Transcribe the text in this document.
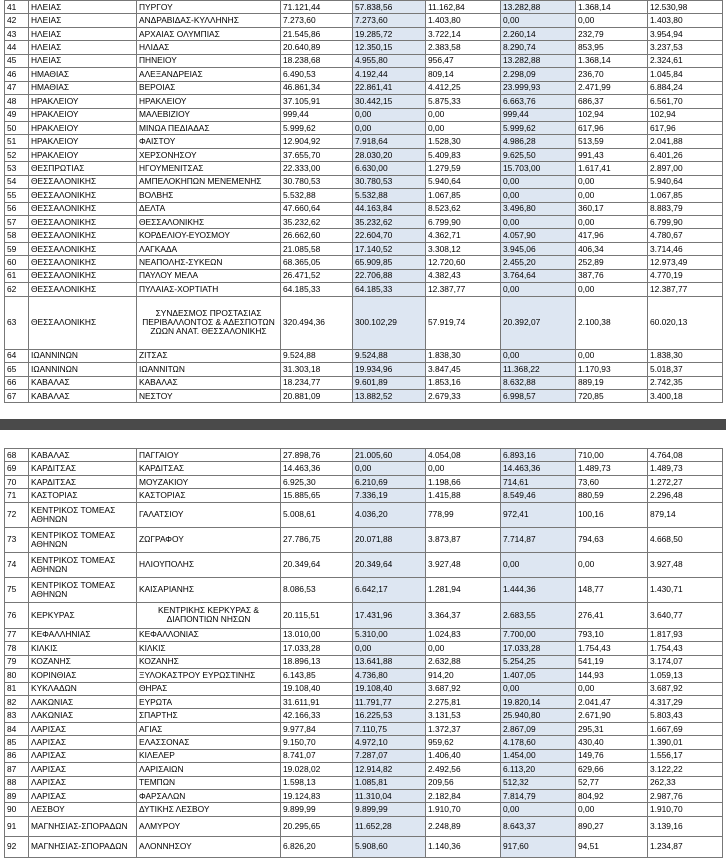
41	ΗΛΕΙΑΣ	ΠΥΡΓΟΥ	71.121,44	57.838,56	11.162,84	13.282,88	1.368,14	12.530,98
42	ΗΛΕΙΑΣ	ΑΝΔΡΑΒΙΔΑΣ-ΚΥΛΛΗΝΗΣ	7.273,60	7.273,60	1.403,80	0,00	0,00	1.403,80
43	ΗΛΕΙΑΣ	ΑΡΧΑΙΑΣ ΟΛΥΜΠΙΑΣ	21.545,86	19.285,72	3.722,14	2.260,14	232,79	3.954,94
44	ΗΛΕΙΑΣ	ΗΛΙΔΑΣ	20.640,89	12.350,15	2.383,58	8.290,74	853,95	3.237,53
45	ΗΛΕΙΑΣ	ΠΗΝΕΙΟΥ	18.238,68	4.955,80	956,47	13.282,88	1.368,14	2.324,61
46	ΗΜΑΘΙΑΣ	ΑΛΕΞΑΝΔΡΕΙΑΣ	6.490,53	4.192,44	809,14	2.298,09	236,70	1.045,84
47	ΗΜΑΘΙΑΣ	ΒΕΡΟΙΑΣ	46.861,34	22.861,41	4.412,25	23.999,93	2.471,99	6.884,24
48	ΗΡΑΚΛΕΙΟΥ	ΗΡΑΚΛΕΙΟΥ	37.105,91	30.442,15	5.875,33	6.663,76	686,37	6.561,70
49	ΗΡΑΚΛΕΙΟΥ	ΜΑΛΕΒΙΖΙΟΥ	999,44	0,00	0,00	999,44	102,94	102,94
50	ΗΡΑΚΛΕΙΟΥ	ΜΙΝΩΑ ΠΕΔΙΑΔΑΣ	5.999,62	0,00	0,00	5.999,62	617,96	617,96
51	ΗΡΑΚΛΕΙΟΥ	ΦΑΙΣΤΟΥ	12.904,92	7.918,64	1.528,30	4.986,28	513,59	2.041,88
52	ΗΡΑΚΛΕΙΟΥ	ΧΕΡΣΟΝΗΣΟΥ	37.655,70	28.030,20	5.409,83	9.625,50	991,43	6.401,26
53	ΘΕΣΠΡΩΤΙΑΣ	ΗΓΟΥΜΕΝΙΤΣΑΣ	22.333,00	6.630,00	1.279,59	15.703,00	1.617,41	2.897,00
54	ΘΕΣΣΑΛΟΝΙΚΗΣ	ΑΜΠΕΛΟΚΗΠΩΝ ΜΕΝΕΜΕΝΗΣ	30.780,53	30.780,53	5.940,64	0,00	0,00	5.940,64
55	ΘΕΣΣΑΛΟΝΙΚΗΣ	ΒΟΛΒΗΣ	5.532,88	5.532,88	1.067,85	0,00	0,00	1.067,85
56	ΘΕΣΣΑΛΟΝΙΚΗΣ	ΔΕΛΤΑ	47.660,64	44.163,84	8.523,62	3.496,80	360,17	8.883,79
57	ΘΕΣΣΑΛΟΝΙΚΗΣ	ΘΕΣΣΑΛΟΝΙΚΗΣ	35.232,62	35.232,62	6.799,90	0,00	0,00	6.799,90
58	ΘΕΣΣΑΛΟΝΙΚΗΣ	ΚΟΡΔΕΛΙΟΥ-ΕΥΟΣΜΟΥ	26.662,60	22.604,70	4.362,71	4.057,90	417,96	4.780,67
59	ΘΕΣΣΑΛΟΝΙΚΗΣ	ΛΑΓΚΑΔΑ	21.085,58	17.140,52	3.308,12	3.945,06	406,34	3.714,46
60	ΘΕΣΣΑΛΟΝΙΚΗΣ	ΝΕΑΠΟΛΗΣ-ΣΥΚΕΩΝ	68.365,05	65.909,85	12.720,60	2.455,20	252,89	12.973,49
61	ΘΕΣΣΑΛΟΝΙΚΗΣ	ΠΑΥΛΟΥ ΜΕΛΑ	26.471,52	22.706,88	4.382,43	3.764,64	387,76	4.770,19
62	ΘΕΣΣΑΛΟΝΙΚΗΣ	ΠΥΛΑΙΑΣ-ΧΟΡΤΙΑΤΗ	64.185,33	64.185,33	12.387,77	0,00	0,00	12.387,77
63	ΘΕΣΣΑΛΟΝΙΚΗΣ	ΣΥΝΔΕΣΜΟΣ ΠΡΟΣΤΑΣΙΑΣ ΠΕΡΙΒΑΛΛΟΝΤΟΣ & ΑΔΕΣΠΟΤΩΝ ΖΩΩΝ ΑΝΑΤ. ΘΕΣΣΑΛΟΝΙΚΗΣ	320.494,36	300.102,29	57.919,74	20.392,07	2.100,38	60.020,13
64	ΙΩΑΝΝΙΝΩΝ	ΖΙΤΣΑΣ	9.524,88	9.524,88	1.838,30	0,00	0,00	1.838,30
65	ΙΩΑΝΝΙΝΩΝ	ΙΩΑΝΝΙΤΩΝ	31.303,18	19.934,96	3.847,45	11.368,22	1.170,93	5.018,37
66	ΚΑΒΑΛΑΣ	ΚΑΒΑΛΑΣ	18.234,77	9.601,89	1.853,16	8.632,88	889,19	2.742,35
67	ΚΑΒΑΛΑΣ	ΝΕΣΤΟΥ	20.881,09	13.882,52	2.679,33	6.998,57	720,85	3.400,18
68	ΚΑΒΑΛΑΣ	ΠΑΓΓΑΙΟΥ	27.898,76	21.005,60	4.054,08	6.893,16	710,00	4.764,08
69	ΚΑΡΔΙΤΣΑΣ	ΚΑΡΔΙΤΣΑΣ	14.463,36	0,00	0,00	14.463,36	1.489,73	1.489,73
70	ΚΑΡΔΙΤΣΑΣ	ΜΟΥΖΑΚΙΟΥ	6.925,30	6.210,69	1.198,66	714,61	73,60	1.272,27
71	ΚΑΣΤΟΡΙΑΣ	ΚΑΣΤΟΡΙΑΣ	15.885,65	7.336,19	1.415,88	8.549,46	880,59	2.296,48
72	ΚΕΝΤΡΙΚΟΣ ΤΟΜΕΑΣ ΑΘΗΝΩΝ	ΓΑΛΑΤΣΙΟΥ	5.008,61	4.036,20	778,99	972,41	100,16	879,14
73	ΚΕΝΤΡΙΚΟΣ ΤΟΜΕΑΣ ΑΘΗΝΩΝ	ΖΩΓΡΑΦΟΥ	27.786,75	20.071,88	3.873,87	7.714,87	794,63	4.668,50
74	ΚΕΝΤΡΙΚΟΣ ΤΟΜΕΑΣ ΑΘΗΝΩΝ	ΗΛΙΟΥΠΟΛΗΣ	20.349,64	20.349,64	3.927,48	0,00	0,00	3.927,48
75	ΚΕΝΤΡΙΚΟΣ ΤΟΜΕΑΣ ΑΘΗΝΩΝ	ΚΑΙΣΑΡΙΑΝΗΣ	8.086,53	6.642,17	1.281,94	1.444,36	148,77	1.430,71
76	ΚΕΡΚΥΡΑΣ	ΚΕΝΤΡΙΚΗΣ ΚΕΡΚΥΡΑΣ & ΔΙΑΠΟΝΤΙΩΝ ΝΗΣΩΝ	20.115,51	17.431,96	3.364,37	2.683,55	276,41	3.640,77
77	ΚΕΦΑΛΛΗΝΙΑΣ	ΚΕΦΑΛΛΟΝΙΑΣ	13.010,00	5.310,00	1.024,83	7.700,00	793,10	1.817,93
78	ΚΙΛΚΙΣ	ΚΙΛΚΙΣ	17.033,28	0,00	0,00	17.033,28	1.754,43	1.754,43
79	ΚΟΖΑΝΗΣ	ΚΟΖΑΝΗΣ	18.896,13	13.641,88	2.632,88	5.254,25	541,19	3.174,07
80	ΚΟΡΙΝΘΙΑΣ	ΞΥΛΟΚΑΣΤΡΟΥ ΕΥΡΩΣΤΙΝΗΣ	6.143,85	4.736,80	914,20	1.407,05	144,93	1.059,13
81	ΚΥΚΛΑΔΩΝ	ΘΗΡΑΣ	19.108,40	19.108,40	3.687,92	0,00	0,00	3.687,92
82	ΛΑΚΩΝΙΑΣ	ΕΥΡΩΤΑ	31.611,91	11.791,77	2.275,81	19.820,14	2.041,47	4.317,29
83	ΛΑΚΩΝΙΑΣ	ΣΠΑΡΤΗΣ	42.166,33	16.225,53	3.131,53	25.940,80	2.671,90	5.803,43
84	ΛΑΡΙΣΑΣ	ΑΓΙΑΣ	9.977,84	7.110,75	1.372,37	2.867,09	295,31	1.667,69
85	ΛΑΡΙΣΑΣ	ΕΛΑΣΣΟΝΑΣ	9.150,70	4.972,10	959,62	4.178,60	430,40	1.390,01
86	ΛΑΡΙΣΑΣ	ΚΙΛΕΛΕΡ	8.741,07	7.287,07	1.406,40	1.454,00	149,76	1.556,17
87	ΛΑΡΙΣΑΣ	ΛΑΡΙΣΑΙΩΝ	19.028,02	12.914,82	2.492,56	6.113,20	629,66	3.122,22
88	ΛΑΡΙΣΑΣ	ΤΕΜΠΩΝ	1.598,13	1.085,81	209,56	512,32	52,77	262,33
89	ΛΑΡΙΣΑΣ	ΦΑΡΣΑΛΩΝ	19.124,83	11.310,04	2.182,84	7.814,79	804,92	2.987,76
90	ΛΕΣΒΟΥ	ΔΥΤΙΚΗΣ ΛΕΣΒΟΥ	9.899,99	9.899,99	1.910,70	0,00	0,00	1.910,70
91	ΜΑΓΝΗΣΙΑΣ-ΣΠΟΡΑΔΩΝ	ΑΛΜΥΡΟΥ	20.295,65	11.652,28	2.248,89	8.643,37	890,27	3.139,16
92	ΜΑΓΝΗΣΙΑΣ-ΣΠΟΡΑΔΩΝ	ΑΛΟΝΝΗΣΟΥ	6.826,20	5.908,60	1.140,36	917,60	94,51	1.234,87
